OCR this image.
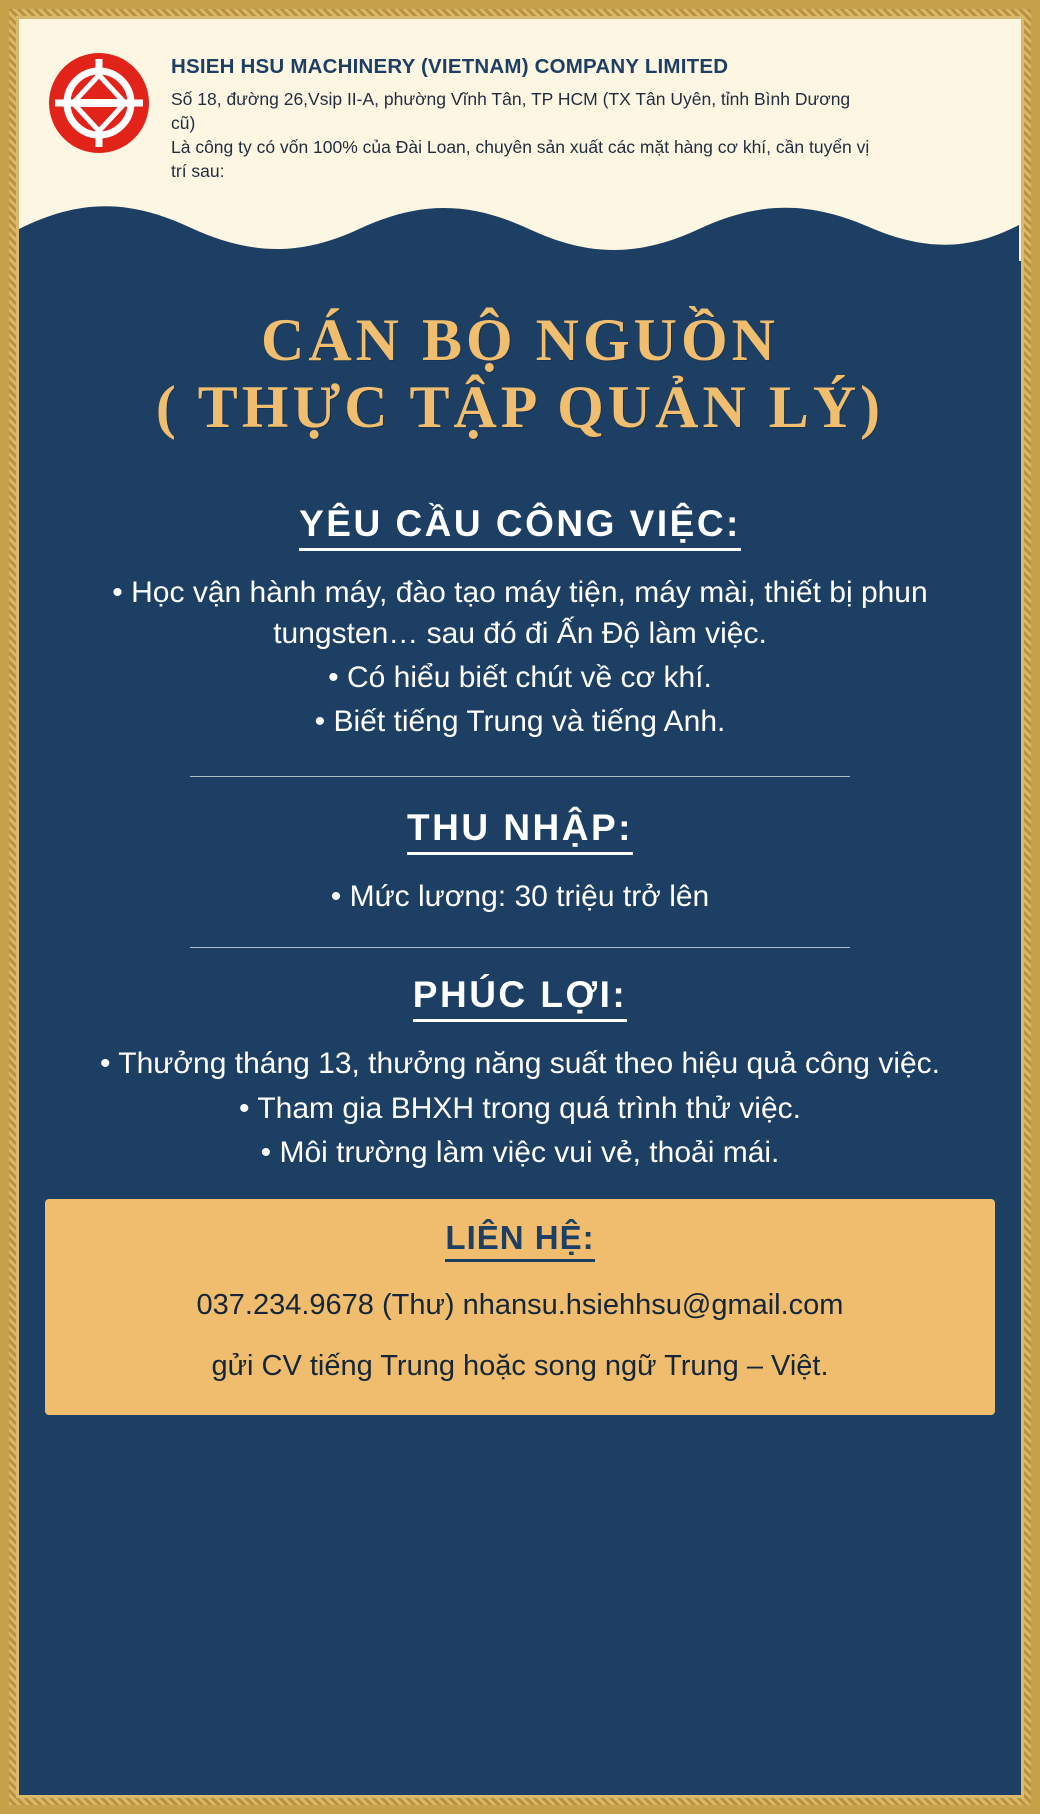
HSIEH HSU MACHINERY (VIETNAM) COMPANY LIMITED

Số 18, đường 26,Vsip II-A, phường Vĩnh Tân, TP HCM (TX Tân Uyên, tỉnh Bình Dương cũ)

Là công ty có vốn 100% của Đài Loan, chuyên sản xuất các mặt hàng cơ khí, cần tuyển vị trí sau:

CÁN BỘ NGUỒN
( THỰC TẬP QUẢN LÝ)
YÊU CẦU CÔNG VIỆC:
• Học vận hành máy, đào tạo máy tiện, máy mài, thiết bị phun tungsten… sau đó đi Ấn Độ làm việc.
• Có hiểu biết chút về cơ khí.
• Biết tiếng Trung và tiếng Anh.
THU NHẬP:
• Mức lương: 30 triệu trở lên
PHÚC LỢI:
• Thưởng tháng 13, thưởng năng suất theo hiệu quả công việc.
• Tham gia BHXH trong quá trình thử việc.
• Môi trường làm việc vui vẻ, thoải mái.
LIÊN HỆ:

037.234.9678 (Thư) nhansu.hsiehhsu@gmail.com

gửi CV tiếng Trung hoặc song ngữ Trung – Việt.
